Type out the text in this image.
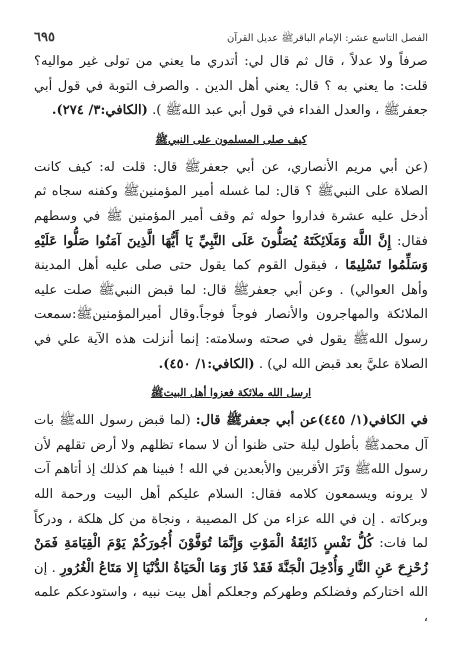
الفصل التاسع عشر: الإمام الباقرﷺ عدیل القرآن
٦٩٥

صرفاً ولا عدلاً ، قال ثم قال لي: أتدري ما يعني من تولى غير مواليه؟ قلت: ما يعني به ؟ قال: يعني أهل الدين . والصرف التوبة في قول أبي جعفرﷺ ، والعدل الفداء في قول أبي عبد اللهﷺ ). (الكافي:٣/ ٢٧٤).

كيف صلى المسلمون على النبيﷺ

(عن أبي مريم الأنصاري، عن أبي جعفرﷺ قال: قلت له: كيف كانت الصلاة على النبيﷺ ؟ قال: لما غسله أمير المؤمنينﷺ وكفنه سجاه ثم أدخل عليه عشرة فداروا حوله ثم وقف أمير المؤمنين ﷺ في وسطهم فقال: إِنَّ اللَّهَ وَمَلَائِكَتَهُ يُصَلُّونَ عَلَى النَّبِيِّ يَا أَيُّهَا الَّذِينَ آمَنُوا صَلُّوا عَلَيْهِ وَسَلِّمُوا تَسْلِيمًا ، فيقول القوم كما يقول حتى صلى عليه أهل المدينة وأهل العوالي) . وعن أبي جعفرﷺ قال: لما قبض النبيﷺ صلت عليه الملائكة والمهاجرون والأنصار فوجاً فوجاً.وقال أميرالمؤمنينﷺ:سمعت رسول اللهﷺ يقول في صحته وسلامته: إنما أنزلت هذه الآية علي في الصلاة عليَّ بعد قبض الله لي) . (الكافي:١/ ٤٥٠).

ارسل الله ملائكة فعزوا أهل البيتﷺ

في الكافي(١/ ٤٤٥)عن أبي جعفرﷺ قال: (لما قبض رسول اللهﷺ بات آل محمدﷺ بأطول ليلة حتى ظنوا أن لا سماء تظلهم ولا أرض تقلهم لأن رسول اللهﷺ وَتَرَ الأقربين والأبعدين في الله ! فبينا هم كذلك إذ أتاهم آت لا يرونه ويسمعون كلامه فقال: السلام عليكم أهل البيت ورحمة الله وبركاته . إن في الله عزاء من كل المصيبة ، ونجاة من كل هلكة ، ودركاً لما فات: كُلُّ نَفْسٍ ذَائِقَةُ الْمَوْتِ وَإِنَّمَا تُوَفَّوْنَ أُجُورَكُمْ يَوْمَ الْقِيَامَةِ فَمَنْ زُحْزِحَ عَنِ النَّارِ وَأُدْخِلَ الْجَنَّةَ فَقَدْ فَازَ وَمَا الْحَيَاةُ الدُّنْيَا إِلا مَتَاعُ الْغُرُورِ . إن الله اختاركم وفضلكم وطهركم وجعلكم أهل بيت نبيه ، واستودعكم علمه ،
